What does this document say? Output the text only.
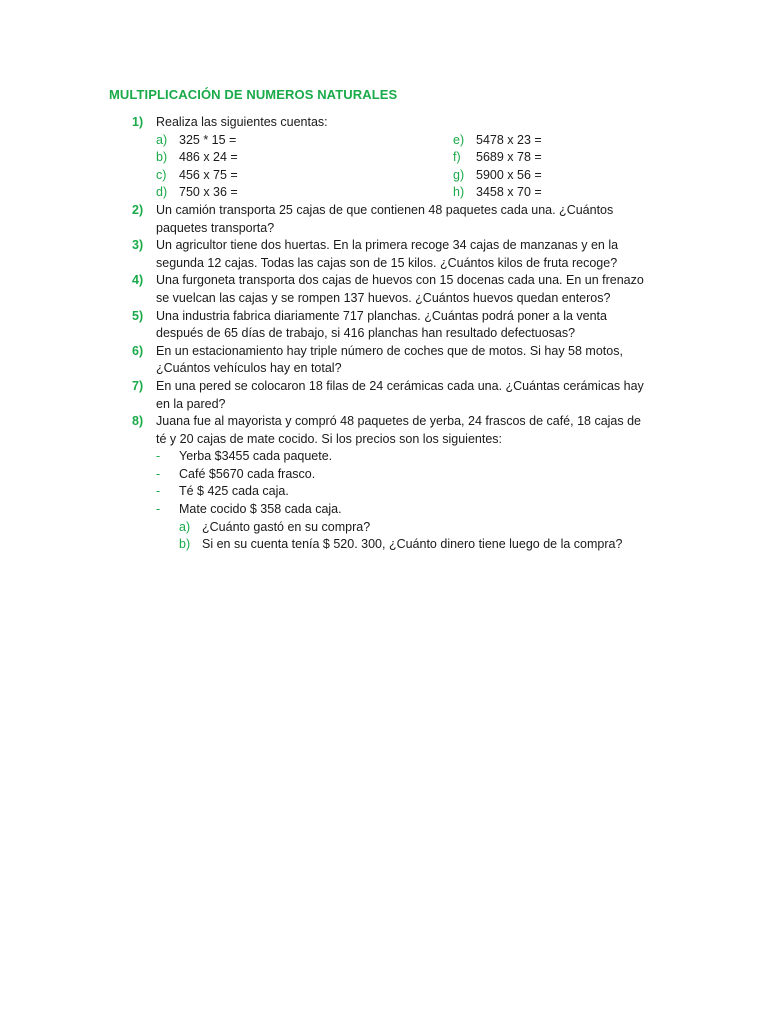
MULTIPLICACIÓN DE NUMEROS NATURALES
1) Realiza las siguientes cuentas:
a) 325 * 15 =
b) 486 x 24 =
c) 456 x 75 =
d) 750 x 36 =
e) 5478 x 23 =
f) 5689 x 78 =
g) 5900 x 56 =
h) 3458 x 70 =
2) Un camión transporta 25 cajas de que contienen 48 paquetes cada una. ¿Cuántos
paquetes transporta?
3) Un agricultor tiene dos huertas. En la primera recoge 34 cajas de manzanas y en la
segunda 12 cajas. Todas las cajas son de 15 kilos. ¿Cuántos kilos de fruta recoge?
4) Una furgoneta transporta dos cajas de huevos con 15 docenas cada una. En un frenazo
se vuelcan las cajas y se rompen 137 huevos. ¿Cuántos huevos quedan enteros?
5) Una industria fabrica diariamente 717 planchas. ¿Cuántas podrá poner a la venta
después de 65 días de trabajo, si 416 planchas han resultado defectuosas?
6) En un estacionamiento hay triple número de coches que de motos. Si hay 58 motos,
¿Cuántos vehículos hay en total?
7) En una pered se colocaron 18 filas de 24 cerámicas cada una. ¿Cuántas cerámicas hay
en la pared?
8) Juana fue al mayorista y compró 48 paquetes de yerba, 24 frascos de café, 18 cajas de
té y 20 cajas de mate cocido. Si los precios son los siguientes:
- Yerba $3455 cada paquete.
- Café $5670 cada frasco.
- Té $ 425 cada caja.
- Mate cocido $ 358 cada caja.
a) ¿Cuánto gastó en su compra?
b) Si en su cuenta tenía $ 520. 300, ¿Cuánto dinero tiene luego de la compra?
